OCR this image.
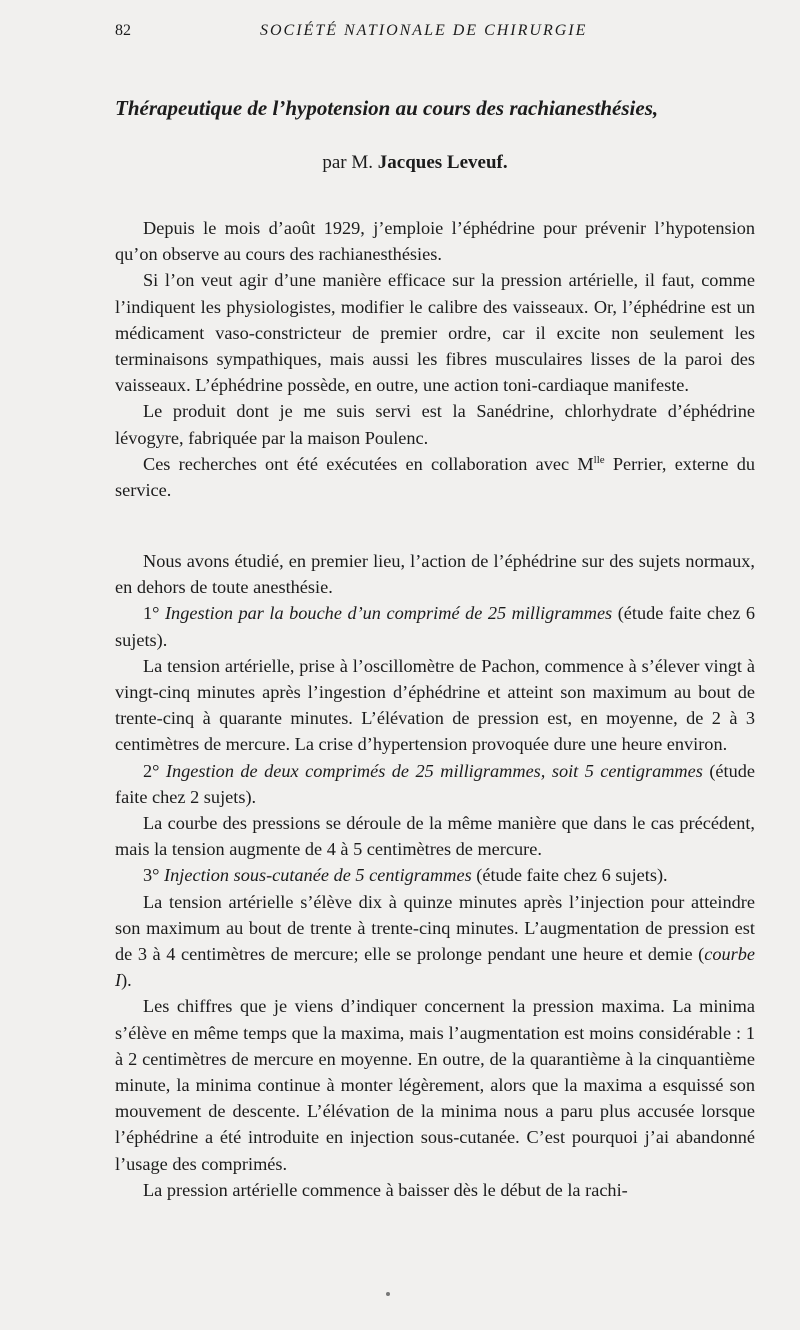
82	SOCIÉTÉ NATIONALE DE CHIRURGIE
Thérapeutique de l’hypotension au cours des rachianesthésies,
par M. Jacques Leveuf.

Depuis le mois d’août 1929, j’emploie l’éphédrine pour prévenir l’hypotension qu’on observe au cours des rachianesthésies.

Si l’on veut agir d’une manière efficace sur la pression artérielle, il faut, comme l’indiquent les physiologistes, modifier le calibre des vaisseaux. Or, l’éphédrine est un médicament vaso-constricteur de premier ordre, car il excite non seulement les terminaisons sympathiques, mais aussi les fibres musculaires lisses de la paroi des vaisseaux. L’éphédrine possède, en outre, une action toni-cardiaque manifeste.

Le produit dont je me suis servi est la Sanédrine, chlorhydrate d’éphédrine lévogyre, fabriquée par la maison Poulenc.

Ces recherches ont été exécutées en collaboration avec $M^{lle}$ Perrier, externe du service.

Nous avons étudié, en premier lieu, l’action de l’éphédrine sur des sujets normaux, en dehors de toute anesthésie.

1° Ingestion par la bouche d’un comprimé de 25 milligrammes (étude faite chez 6 sujets).

La tension artérielle, prise à l’oscillomètre de Pachon, commence à s’élever vingt à vingt-cinq minutes après l’ingestion d’éphédrine et atteint son maximum au bout de trente-cinq à quarante minutes. L’élévation de pression est, en moyenne, de 2 à 3 centimètres de mercure. La crise d’hypertension provoquée dure une heure environ.

2° Ingestion de deux comprimés de 25 milligrammes, soit 5 centigrammes (étude faite chez 2 sujets).

La courbe des pressions se déroule de la même manière que dans le cas précédent, mais la tension augmente de 4 à 5 centimètres de mercure.

3° Injection sous-cutanée de 5 centigrammes (étude faite chez 6 sujets).

La tension artérielle s’élève dix à quinze minutes après l’injection pour atteindre son maximum au bout de trente à trente-cinq minutes. L’augmentation de pression est de 3 à 4 centimètres de mercure; elle se prolonge pendant une heure et demie (courbe I).

Les chiffres que je viens d’indiquer concernent la pression maxima. La minima s’élève en même temps que la maxima, mais l’augmentation est moins considérable : 1 à 2 centimètres de mercure en moyenne. En outre, de la quarantième à la cinquantième minute, la minima continue à monter légèrement, alors que la maxima a esquissé son mouvement de descente. L’élévation de la minima nous a paru plus accusée lorsque l’éphédrine a été introduite en injection sous-cutanée. C’est pourquoi j’ai abandonné l’usage des comprimés.

La pression artérielle commence à baisser dès le début de la rachi-
